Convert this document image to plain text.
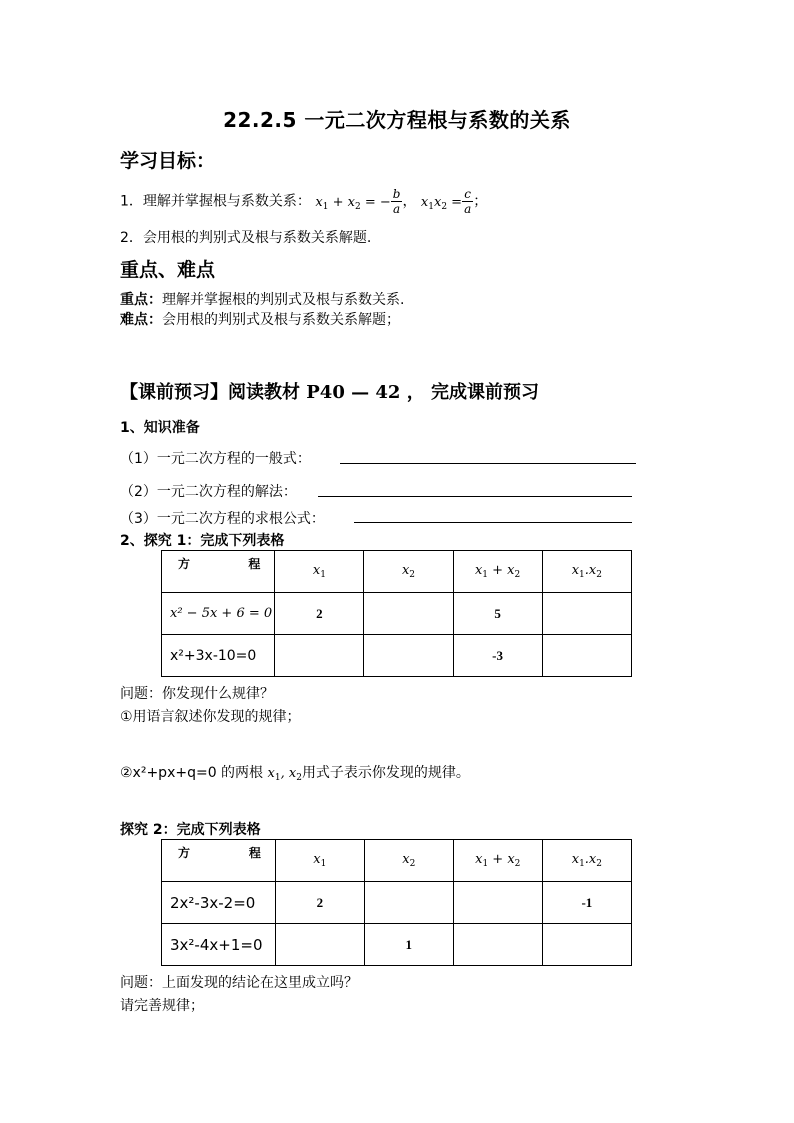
22.2.5 一元二次方程根与系数的关系
学习目标：
1．理解并掌握根与系数关系： $x_1 + x_2$ = − $\frac{b}{a}$ ， $x_1x_2 = \frac{c}{a}$ ；
2．会用根的判别式及根与系数关系解题.
重点、难点
重点：理解并掌握根的判别式及根与系数关系.
难点：会用根的判别式及根与系数关系解题；
【课前预习】阅读教材 P40 — 42 ， 完成课前预习
1、知识准备
（1）一元二次方程的一般式：
（2）一元二次方程的解法：
（3）一元二次方程的求根公式：
2、探究 1：完成下列表格
方 程	$x_1$	$x_2$	$x_1 + x_2$	$x_1.x_2$
x² − 5x + 6 = 0	2		5	
x²+3x-10=0			-3	
问题：你发现什么规律？
①用语言叙述你发现的规律；
②x²+px+q=0 的两根 $x_1$, $x_2$用式子表示你发现的规律。
探究 2：完成下列表格
方 程	$x_1$	$x_2$	$x_1 + x_2$	$x_1.x_2$
2x²-3x-2=0	2			-1
3x²-4x+1=0		1		
问题：上面发现的结论在这里成立吗？
请完善规律；
